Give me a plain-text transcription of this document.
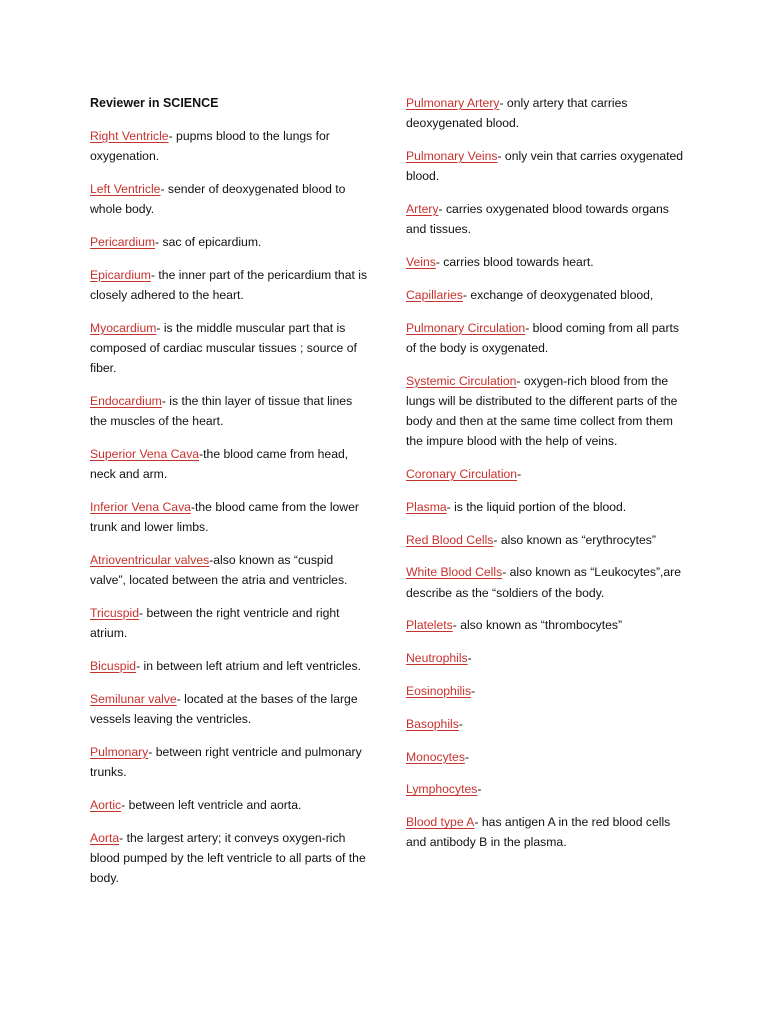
Reviewer in SCIENCE
Right Ventricle- pupms blood to the lungs for oxygenation.
Left Ventricle- sender of deoxygenated blood to whole body.
Pericardium- sac of epicardium.
Epicardium- the inner part of the pericardium that is closely adhered to the heart.
Myocardium- is the middle muscular part that is composed of cardiac muscular tissues ; source of fiber.
Endocardium- is the thin layer of tissue that lines the muscles of the heart.
Superior Vena Cava-the blood came from head, neck and arm.
Inferior Vena Cava-the blood came from the lower trunk and lower limbs.
Atrioventricular valves-also known as “cuspid valve”, located between the atria and ventricles.
Tricuspid- between the right ventricle and right atrium.
Bicuspid- in between left atrium and left ventricles.
Semilunar valve- located at the bases of the large vessels leaving the ventricles.
Pulmonary- between right ventricle and pulmonary trunks.
Aortic- between left ventricle and aorta.
Aorta- the largest artery; it conveys oxygen-rich blood pumped by the left ventricle to all parts of the body.
Pulmonary Artery- only artery that carries deoxygenated blood.
Pulmonary Veins- only vein that carries oxygenated blood.
Artery- carries oxygenated blood towards organs and tissues.
Veins- carries blood towards heart.
Capillaries- exchange of deoxygenated blood,
Pulmonary Circulation- blood coming from all parts of the body is oxygenated.
Systemic Circulation- oxygen-rich blood from the lungs will be distributed to the different parts of the body and then at the same time collect from them the impure blood with the help of veins.
Coronary Circulation-
Plasma- is the liquid portion of the blood.
Red Blood Cells- also known as “erythrocytes”
White Blood Cells- also known as “Leukocytes”,are describe as the “soldiers of the body.
Platelets- also known as “thrombocytes”
Neutrophils-
Eosinophilis-
Basophils-
Monocytes-
Lymphocytes-
Blood type A- has antigen A in the red blood cells and antibody B in the plasma.
